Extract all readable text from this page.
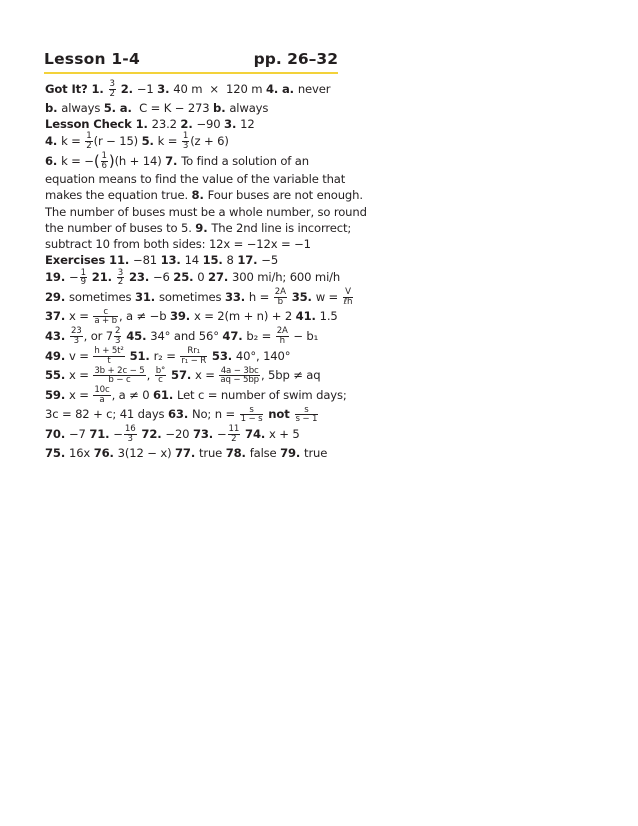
Lesson 1-4	pp. 26–32
Got It? 1. $\frac{3}{2} 2$. −1 3. 40 m  ×  120 m 4. a. never
b. always 5. a.  C = K − 273 b. always
Lesson Check 1. 23.2 2. −90 3. 12
4. $k = \frac{1}{2} (r - 15)$ 5. $k = \frac{1}{3} (z + 6)$
6. k = −( $\frac{1}{6} )(h + 14)$ 7. To find a solution of an
equation means to find the value of the variable that
makes the equation true. 8. Four buses are not enough.
The number of buses must be a whole number, so round
the number of buses to 5. 9. The 2nd line is incorrect;
subtract 10 from both sides: 12x = −12x = −1
Exercises 11. −81 13. 14 15. 8 17. −5
19. − $\frac{1}{9} 21$. $\frac{3}{2} 23$. −6 25. 0 27. 300 mi/h; 600 mi/h
29. sometimes 31. sometimes 33. $h = \frac{2A}{b} 35$. $w = \frac{V}{\text{ℓh}}$
37. $x = \frac{c}{a + b}$ , a ≠ −b 39. x = 2(m + n) + 2 41. 1.5
43. $\frac{23}{3}$ , or $7 \frac{2}{3} 45$. 34° and 56° 47. $b_2 = \frac{2A}{h} - b_1$
49. $v = \frac{\text{h + 5t²}}{t} 51$. $r_2 = \frac{\text{Rr₁}}{\text{r₁ − R}} 53$. 40°, 140°
55. $x = \frac{3b + 2c - 5}{b - c}$ , $\frac{b^\circ}{c} 57$. $x = \frac{4a - 3bc}{aq - 5bp}$ , 5bp ≠ aq
59. $x = \frac{10c}{a}$ , a ≠ 0 61. Let c = number of swim days;
3c = 82 + c; 41 days 63. No; $n = \frac{s}{1 - s}$ not $\frac{s}{s - 1}$
70. −7 71. − $\frac{16}{3} 72$. −20 73. − $\frac{11}{2} 74$. x + 5
75. 16x 76. 3(12 − x) 77. true 78. false 79. true
